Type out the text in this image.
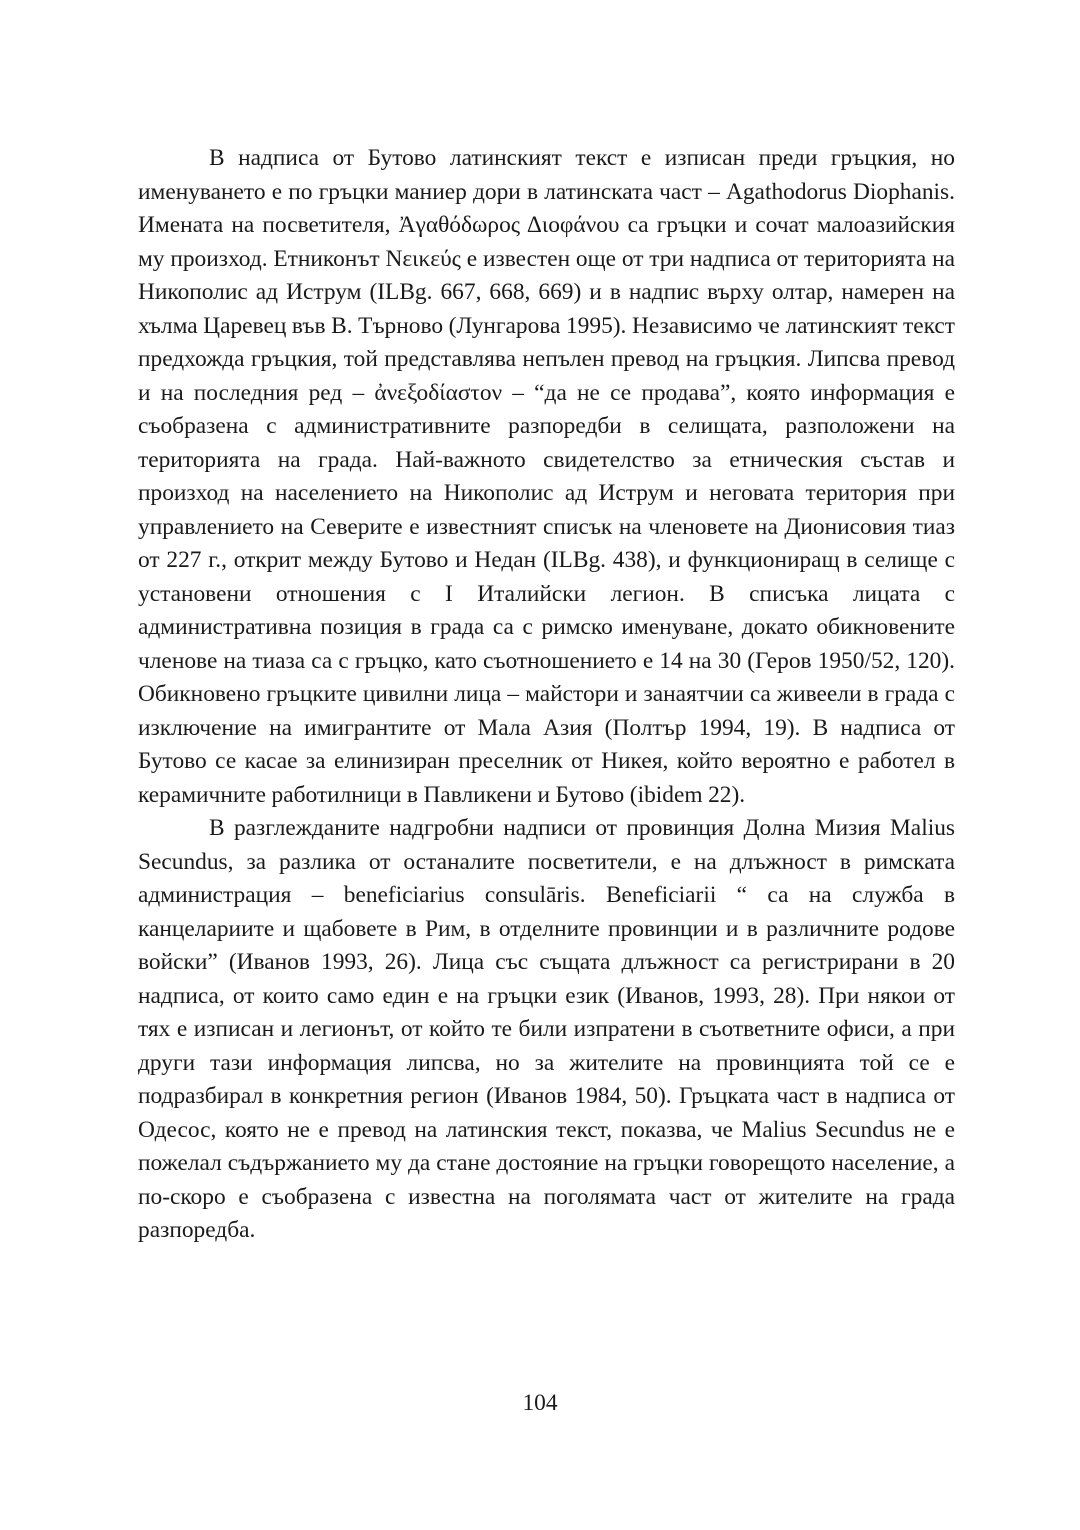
В надписа от Бутово латинският текст е изписан преди гръцкия, но именуването е по гръцки маниер дори в латинската част – Agathodorus Diophanis. Имената на посветителя, Ἀγαθόδωρος Διοφάνου са гръцки и сочат малоазийския му произход. Етниконът Νεικεύς е известен още от три надписа от територията на Никополис ад Иструм (ILBg. 667, 668, 669) и в надпис върху олтар, намерен на хълма Царевец във В. Търново (Лунгарова 1995). Независимо че латинският текст предхожда гръцкия, той представлява непълен превод на гръцкия. Липсва превод и на последния ред – ἀνεξοδίαστον – “да не се продава”, която информация е съобразена с административните разпоредби в селищата, разположени на територията на града. Най-важното свидетелство за етническия състав и произход на населението на Никополис ад Иструм и неговата територия при управлението на Северите е известният списък на членовете на Дионисовия тиаз от 227 г., открит между Бутово и Недан (ILBg. 438), и функциониращ в селище с установени отношения с I Италийски легион. В списъка лицата с административна позиция в града са с римско именуване, докато обикновените членове на тиаза са с гръцко, като съотношението е 14 на 30 (Геров 1950/52, 120). Обикновено гръцките цивилни лица – майстори и занаятчии са живеели в града с изключение на имигрантите от Мала Азия (Полтър 1994, 19). В надписа от Бутово се касае за елинизиран преселник от Никея, който вероятно е работел в керамичните работилници в Павликени и Бутово (ibidem 22).

В разглежданите надгробни надписи от провинция Долна Мизия Malius Secundus, за разлика от останалите посветители, е на длъжност в римската администрация – beneficiarius consulāris. Beneficiarii “ са на служба в канцелариите и щабовете в Рим, в отделните провинции и в различните родове войски” (Иванов 1993, 26). Лица със същата длъжност са регистрирани в 20 надписа, от които само един е на гръцки език (Иванов, 1993, 28). При някои от тях е изписан и легионът, от който те били изпратени в съответните офиси, а при други тази информация липсва, но за жителите на провинцията той се е подразбирал в конкретния регион (Иванов 1984, 50). Гръцката част в надписа от Одесос, която не е превод на латинския текст, показва, че Malius Secundus не е пожелал съдържанието му да стане достояние на гръцки говорещото население, а по-скоро е съобразена с известна на поголямата част от жителите на града разпоредба.

104
